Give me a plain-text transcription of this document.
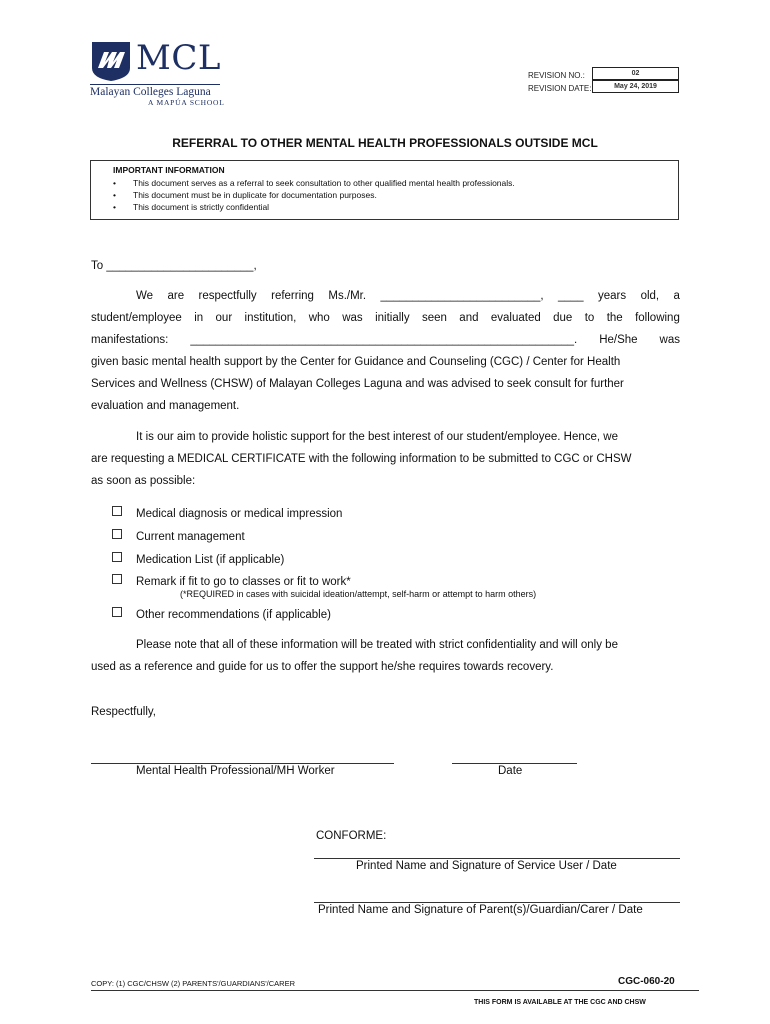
MCL
Malayan Colleges Laguna
A MAPÚA SCHOOL
REVISION NO.:	02
REVISION DATE:	May 24, 2019
REFERRAL TO OTHER MENTAL HEALTH PROFESSIONALS OUTSIDE MCL
IMPORTANT INFORMATION
• This document serves as a referral to seek consultation to other qualified mental health professionals.
• This document must be in duplicate for documentation purposes.
• This document is strictly confidential
To _______________________,
We are respectfully referring Ms./Mr. _________________________, ____ years old, a
student/employee in our institution, who was initially seen and evaluated due to the following
manifestations: ____________________________________________________________. He/She was
given basic mental health support by the Center for Guidance and Counseling (CGC) / Center for Health
Services and Wellness (CHSW) of Malayan Colleges Laguna and was advised to seek consult for further
evaluation and management.
It is our aim to provide holistic support for the best interest of our student/employee. Hence, we
are requesting a MEDICAL CERTIFICATE with the following information to be submitted to CGC or CHSW
as soon as possible:
Medical diagnosis or medical impression
Current management
Medication List (if applicable)
Remark if fit to go to classes or fit to work*
(*REQUIRED in cases with suicidal ideation/attempt, self-harm or attempt to harm others)
Other recommendations (if applicable)
Please note that all of these information will be treated with strict confidentiality and will only be
used as a reference and guide for us to offer the support he/she requires towards recovery.
Respectfully,
Mental Health Professional/MH Worker	Date
CONFORME:
Printed Name and Signature of Service User / Date
Printed Name and Signature of Parent(s)/Guardian/Carer / Date
COPY: (1) CGC/CHSW (2) PARENTS'/GUARDIANS'/CARER	CGC-060-20
THIS FORM IS AVAILABLE AT THE CGC AND CHSW
